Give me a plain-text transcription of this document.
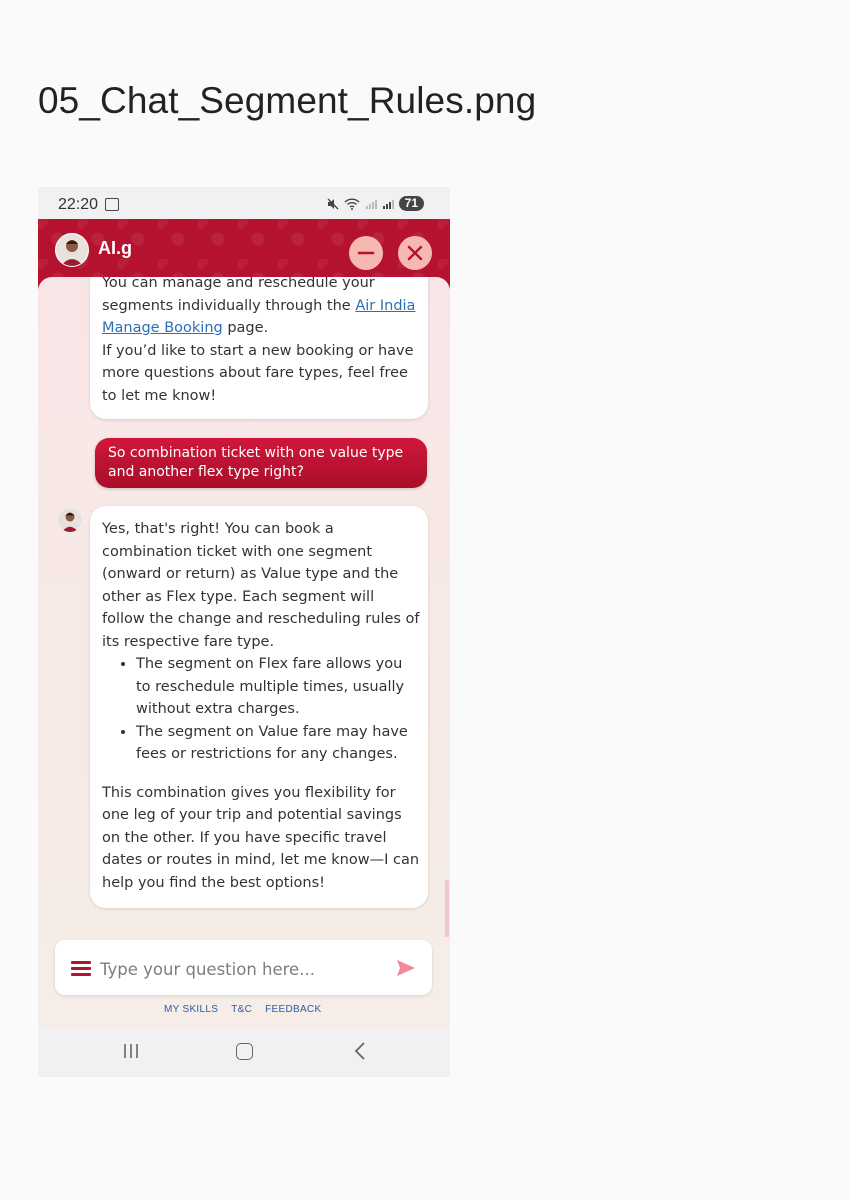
05_Chat_Segment_Rules.png
22:20	71
AI.g
You can manage and reschedule your segments individually through the Air India Manage Booking page.
If you’d like to start a new booking or have more questions about fare types, feel free to let me know!
So combination ticket with one value type and another flex type right?

Yes, that's right! You can book a combination ticket with one segment (onward or return) as Value type and the other as Flex type. Each segment will follow the change and rescheduling rules of its respective fare type.

• The segment on Flex fare allows you to reschedule multiple times, usually without extra charges.
• The segment on Value fare may have fees or restrictions for any changes.

This combination gives you flexibility for one leg of your trip and potential savings on the other. If you have specific travel dates or routes in mind, let me know—I can help you find the best options!

Type your question here...
MY SKILLS T&C FEEDBACK
